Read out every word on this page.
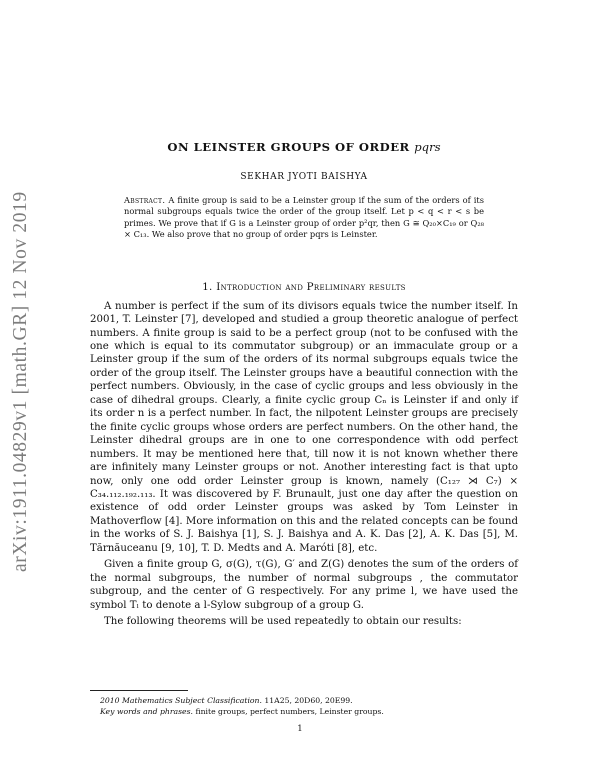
arXiv:1911.04829v1 [math.GR] 12 Nov 2019
ON LEINSTER GROUPS OF ORDER pqrs
SEKHAR JYOTI BAISHYA
Abstract. A finite group is said to be a Leinster group if the sum of the orders of its normal subgroups equals twice the order of the group itself. Let p < q < r < s be primes. We prove that if G is a Leinster group of order p²qr, then G ≅ Q₂₀×C₁₉ or Q₂₈ × C₁₃. We also prove that no group of order pqrs is Leinster.
1. Introduction and Preliminary results

A number is perfect if the sum of its divisors equals twice the number itself. In 2001, T. Leinster [7], developed and studied a group theoretic analogue of perfect numbers. A finite group is said to be a perfect group (not to be confused with the one which is equal to its commutator subgroup) or an immaculate group or a Leinster group if the sum of the orders of its normal subgroups equals twice the order of the group itself. The Leinster groups have a beautiful connection with the perfect numbers. Obviously, in the case of cyclic groups and less obviously in the case of dihedral groups. Clearly, a finite cyclic group Cₙ is Leinster if and only if its order n is a perfect number. In fact, the nilpotent Leinster groups are precisely the finite cyclic groups whose orders are perfect numbers. On the other hand, the Leinster dihedral groups are in one to one correspondence with odd perfect numbers. It may be mentioned here that, till now it is not known whether there are infinitely many Leinster groups or not. Another interesting fact is that upto now, only one odd order Leinster group is known, namely (C₁₂₇ ⋊ C₇) × C₃₄.₁₁₂.₁₉₂.₁₁₃. It was discovered by F. Brunault, just one day after the question on existence of odd order Leinster groups was asked by Tom Leinster in Mathoverflow [4]. More information on this and the related concepts can be found in the works of S. J. Baishya [1], S. J. Baishya and A. K. Das [2], A. K. Das [5], M. Tărnăuceanu [9, 10], T. D. Medts and A. Maróti [8], etc.

Given a finite group G, σ(G), τ(G), G′ and Z(G) denotes the sum of the orders of the normal subgroups, the number of normal subgroups , the commutator subgroup, and the center of G respectively. For any prime l, we have used the symbol Tₗ to denote a l-Sylow subgroup of a group G.

The following theorems will be used repeatedly to obtain our results:

2010 Mathematics Subject Classification. 11A25, 20D60, 20E99.

Key words and phrases. finite groups, perfect numbers, Leinster groups.

1
